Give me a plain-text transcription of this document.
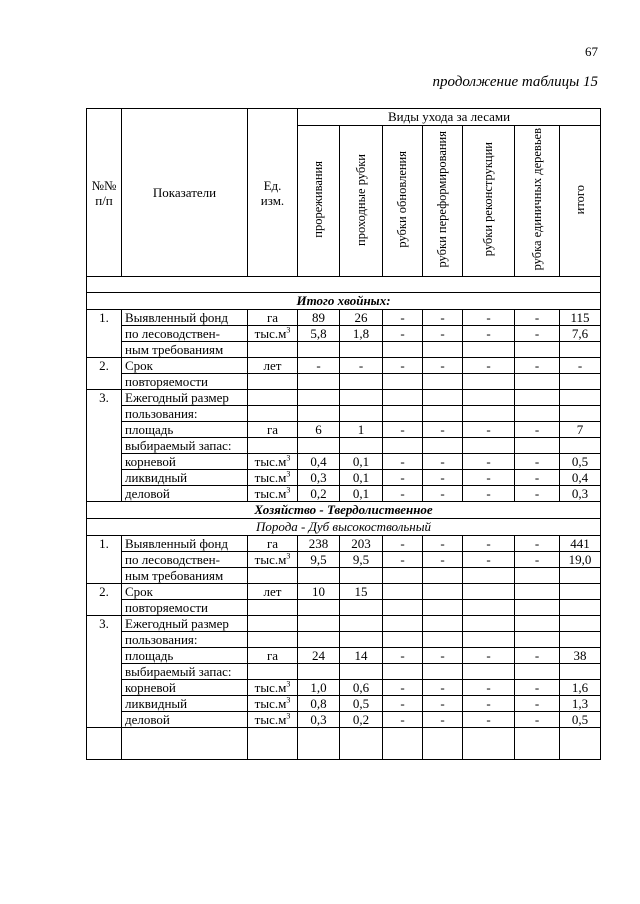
67
продолжение таблицы 15
№№ п/п	Показатели	Ед. изм.	Виды ухода за лесами						
			прореживания	проходные рубки	рубки обновления	рубки переформирования	рубки реконструкции	рубка единичных деревьев	итого

Итого хвойных:									
1.	Выявленный фонд	га	89	26	-	-	-	-	115
	по лесоводствен-	$тыс.м^3$	5,8	1,8	-	-	-	-	7,6
	ным требованиям								
2.	Срок	лет	-	-	-	-	-	-	-
	повторяемости								
3.	Ежегодный размер								
	пользования:								
	площадь	га	6	1	-	-	-	-	7
	выбираемый запас:								
	корневой	$тыс.м^3$	0,4	0,1	-	-	-	-	0,5
	ликвидный	$тыс.м^3$	0,3	0,1	-	-	-	-	0,4
	деловой	$тыс.м^3$	0,2	0,1	-	-	-	-	0,3
Хозяйство - Твердолиственное									
Порода - Дуб высокоствольный									
1.	Выявленный фонд	га	238	203	-	-	-	-	441
	по лесоводствен-	$тыс.м^3$	9,5	9,5	-	-	-	-	19,0
	ным требованиям								
2.	Срок	лет	10	15					
	повторяемости								
3.	Ежегодный размер								
	пользования:								
	площадь	га	24	14	-	-	-	-	38
	выбираемый запас:								
	корневой	$тыс.м^3$	1,0	0,6	-	-	-	-	1,6
	ликвидный	$тыс.м^3$	0,8	0,5	-	-	-	-	1,3
	деловой	$тыс.м^3$	0,3	0,2	-	-	-	-	0,5
